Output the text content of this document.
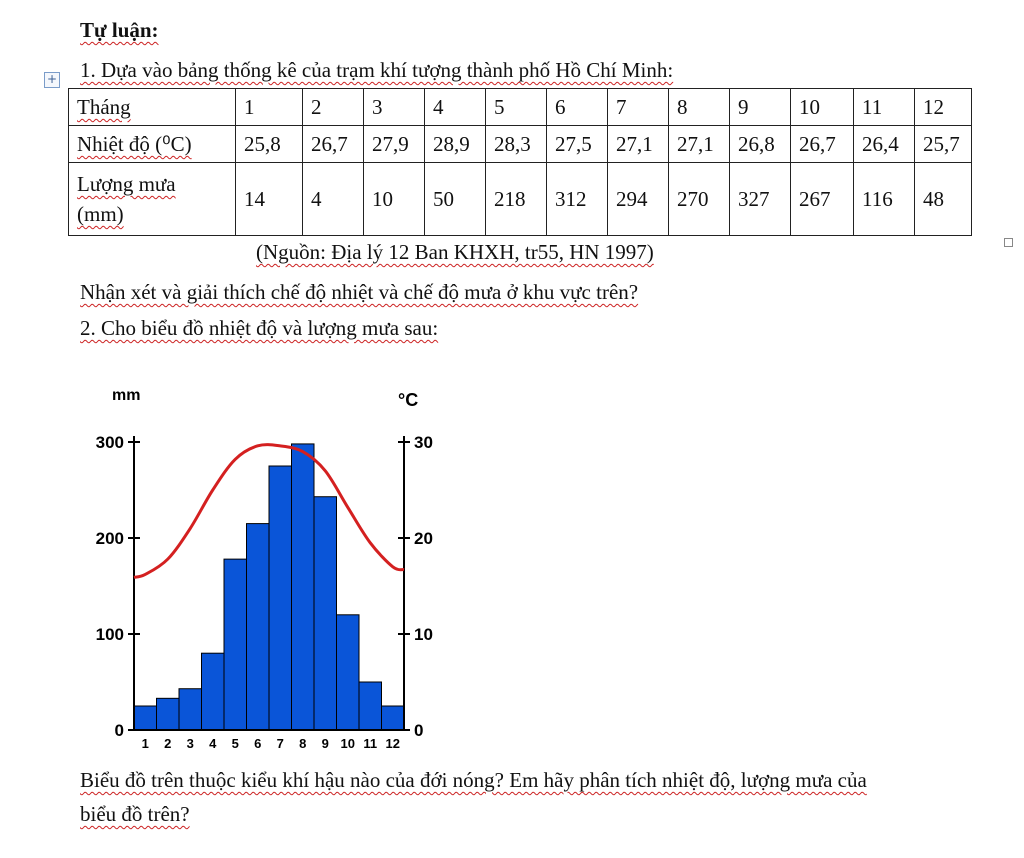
Tự luận:
+ 1. Dựa vào bảng thống kê của trạm khí tượng thành phố Hồ Chí Minh:
Tháng	1	2	3	4	5	6	7	8	9	10	11	12
Nhiệt độ (⁰C)	25,8	26,7	27,9	28,9	28,3	27,5	27,1	27,1	26,8	26,7	26,4	25,7
Lượng mưa (mm)	14	4	10	50	218	312	294	270	327	267	116	48
(Nguồn: Địa lý 12 Ban KHXH, tr55, HN 1997)
Nhận xét và giải thích chế độ nhiệt và chế độ mưa ở khu vực trên?
2. Cho biểu đồ nhiệt độ và lượng mưa sau:
0
100
200
300
0
10
20
30
mm	°C
1 2 3 4 5 6 7 8 9 10 11 12
Biểu đồ trên thuộc kiểu khí hậu nào của đới nóng? Em hãy phân tích nhiệt độ, lượng mưa của
biểu đồ trên?
